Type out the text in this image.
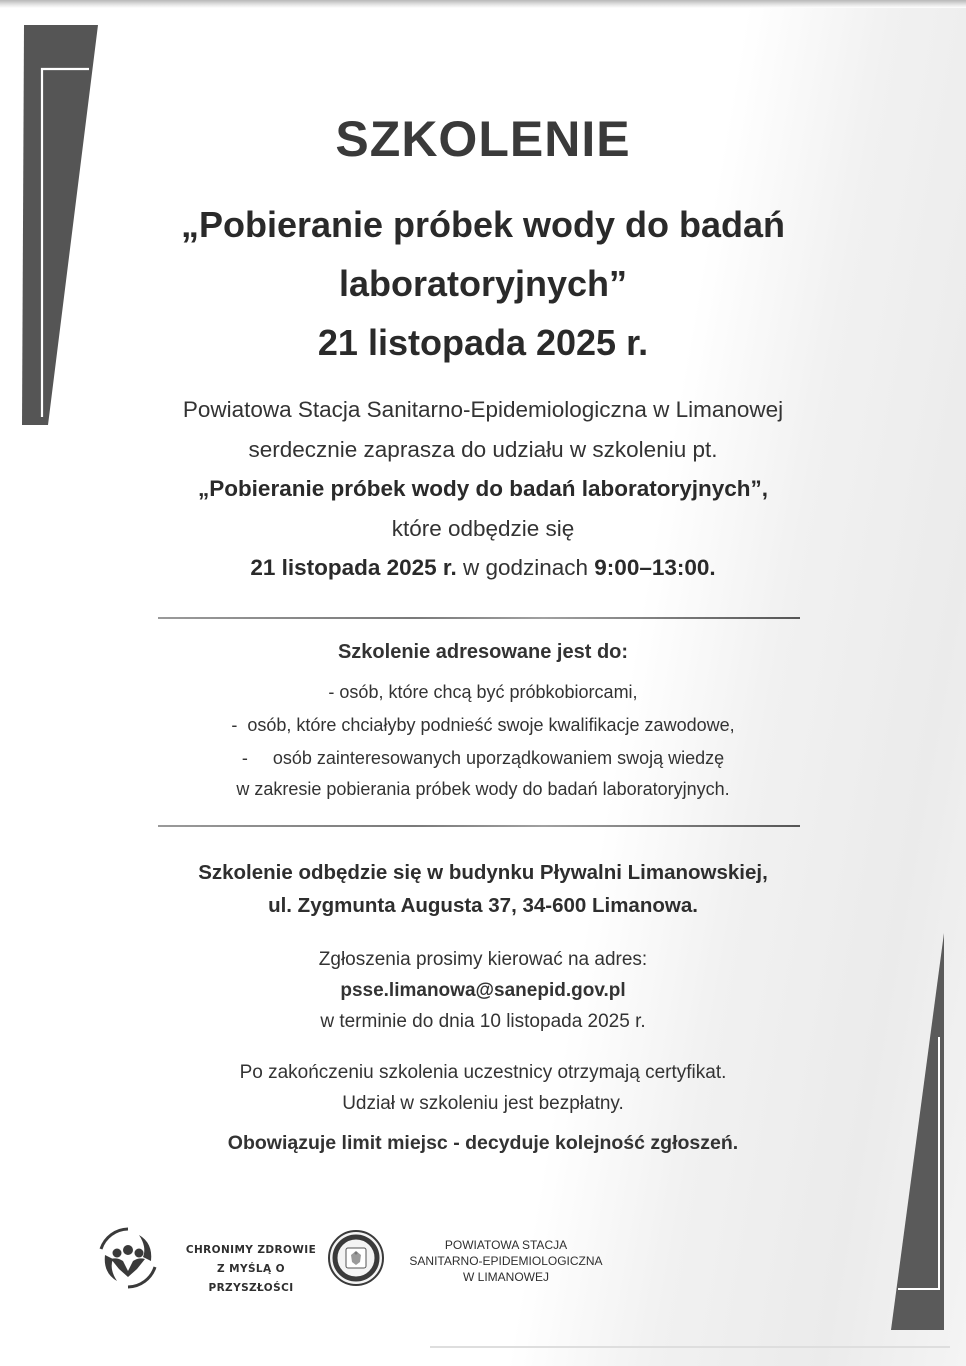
SZKOLENIE
„Pobieranie próbek wody do badań
laboratoryjnych”
21 listopada 2025 r.
Powiatowa Stacja Sanitarno-Epidemiologiczna w Limanowej
serdecznie zaprasza do udziału w szkoleniu pt.
„Pobieranie próbek wody do badań laboratoryjnych”,
które odbędzie się
21 listopada 2025 r. w godzinach 9:00–13:00.
Szkolenie adresowane jest do:
- osób, które chcą być próbkobiorcami,
-  osób, które chciałyby podnieść swoje kwalifikacje zawodowe,
-     osób zainteresowanych uporządkowaniem swoją wiedzę
w zakresie pobierania próbek wody do badań laboratoryjnych.
Szkolenie odbędzie się w budynku Pływalni Limanowskiej,
ul. Zygmunta Augusta 37, 34-600 Limanowa.
Zgłoszenia prosimy kierować na adres:
psse.limanowa@sanepid.gov.pl
w terminie do dnia 10 listopada 2025 r.
Po zakończeniu szkolenia uczestnicy otrzymają certyfikat.
Udział w szkoleniu jest bezpłatny.
Obowiązuje limit miejsc - decyduje kolejność zgłoszeń.
CHRONIMY ZDROWIE
Z MYŚLĄ O PRZYSZŁOŚCI
POWIATOWA STACJA
SANITARNO-EPIDEMIOLOGICZNA
W LIMANOWEJ
